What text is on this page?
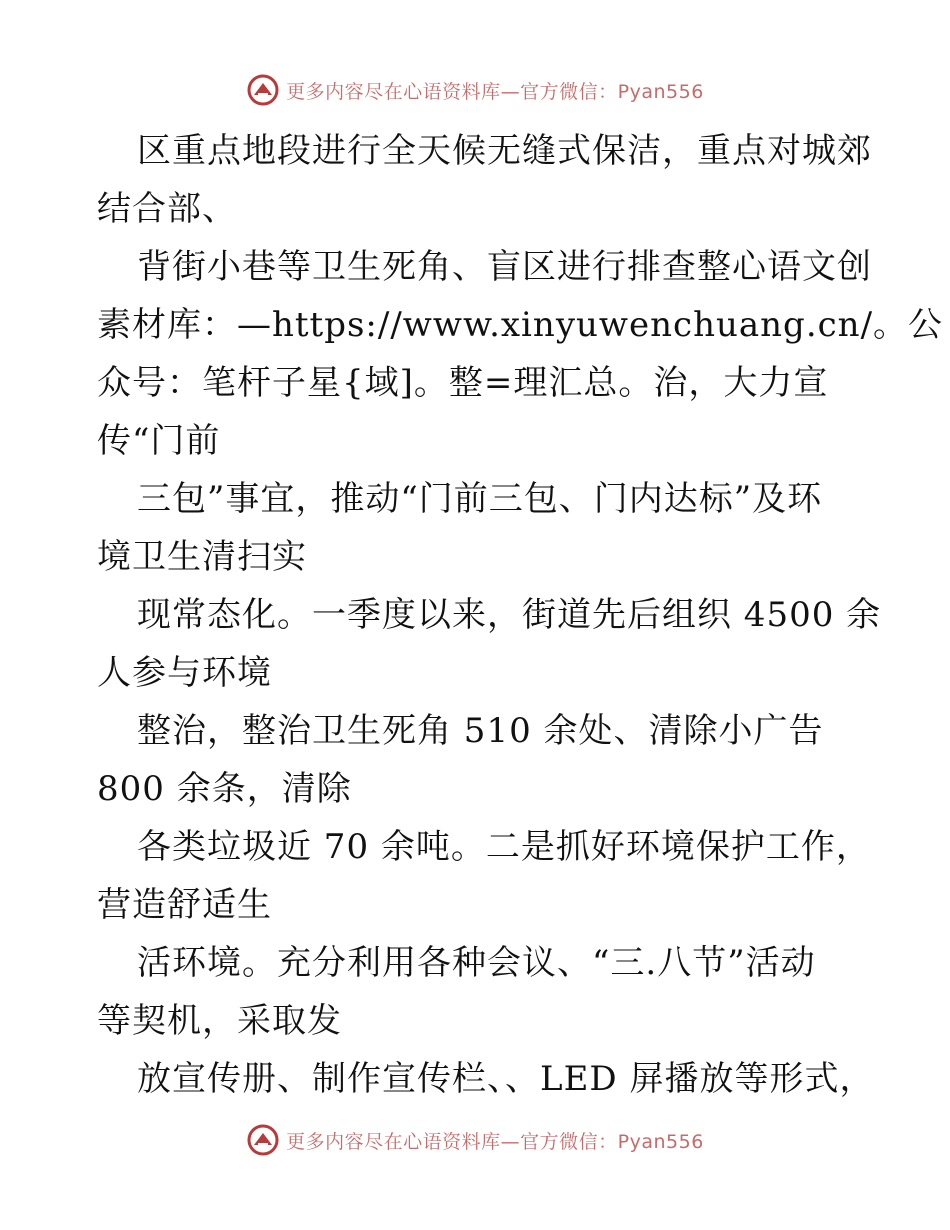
更多内容尽在心语资料库—官方微信：Pyan556
区重点地段进行全天候无缝式保洁，重点对城郊
结合部、
背街小巷等卫生死角、盲区进行排查整心语文创
素材库：—https://www.xinyuwenchuang.cn/。公
众号：笔杆子星{域]。整=理汇总。治，大力宣
传“门前
三包”事宜，推动“门前三包、门内达标”及环
境卫生清扫实
现常态化。一季度以来，街道先后组织 4500 余
人参与环境
整治，整治卫生死角 510 余处、清除小广告
800 余条，清除
各类垃圾近 70 余吨。二是抓好环境保护工作，
营造舒适生
活环境。充分利用各种会议、“三.八节”活动
等契机，采取发
放宣传册、制作宣传栏、、LED 屏播放等形式，
更多内容尽在心语资料库—官方微信：Pyan556
